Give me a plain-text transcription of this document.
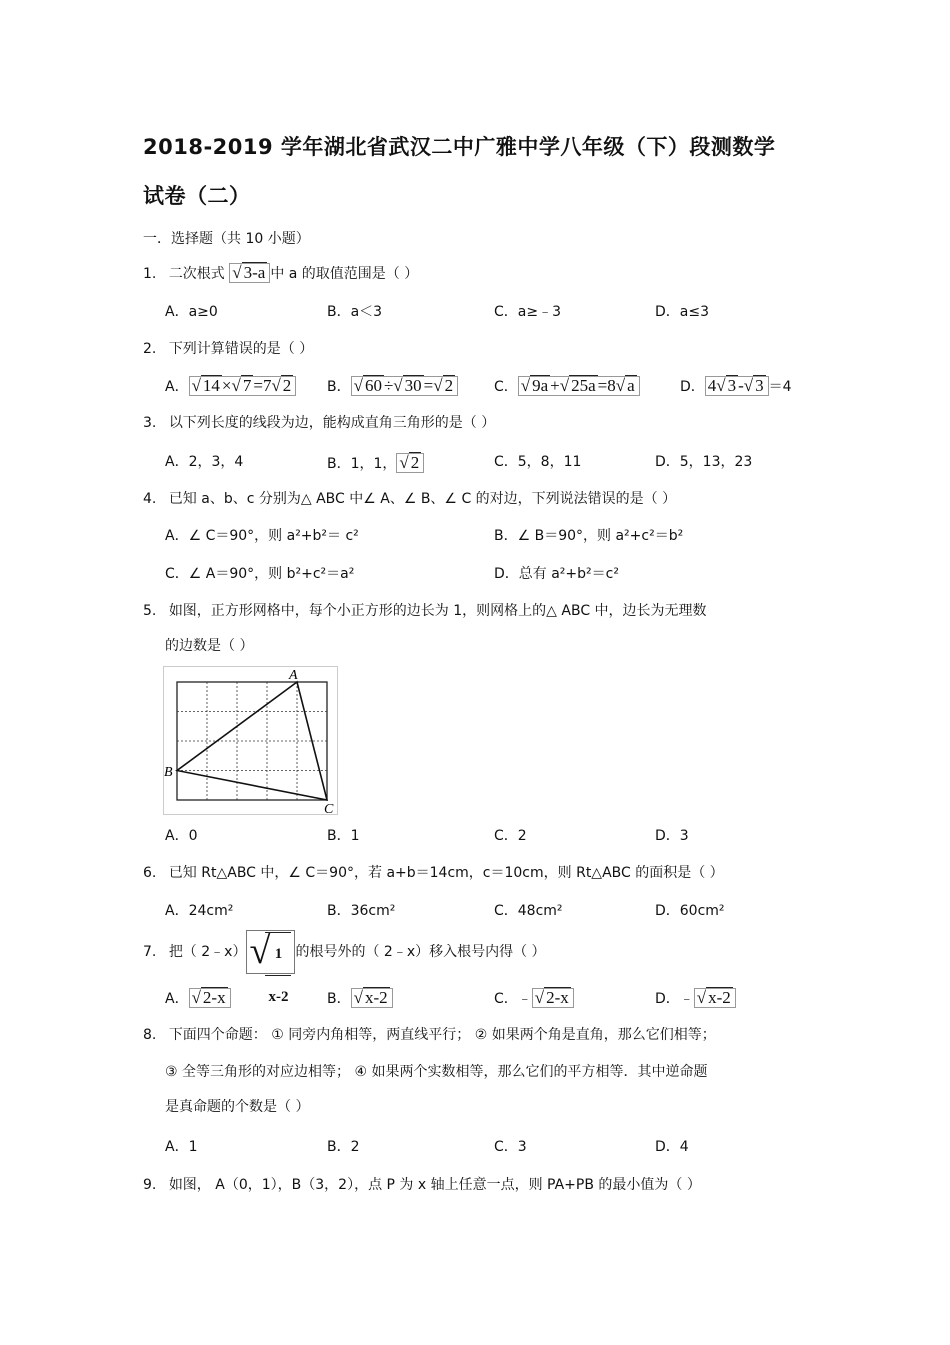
2018-2019 学年湖北省武汉二中广雅中学八年级（下）段测数学
试卷（二）
一．选择题（共 10 小题）
1. 二次根式 √ 3-a 中 a 的取值范围是（ ）
A．a≥0	B．a＜3	C．a≥﹣3	D．a≤3
2. 下列计算错误的是（ ）
A． √ 14 ×√ 7 =7√ 2	B． √ 60 ÷√ 30 =√ 2	C． √ 9a +√ 25a =8√ a	D． 4√ 3 -√ 3 ＝4
3. 以下列长度的线段为边，能构成直角三角形的是（ ）
A．2，3，4	B．1，1， √ 2	C．5，8，11	D．5，13，23
4. 已知 a、b、c 分别为△ ABC 中∠ A、∠ B、∠ C 的对边，下列说法错误的是（ ）
A．∠ C＝90°，则 a²+b²＝ c²	B．∠ B＝90°，则 a²+c²＝b²
C．∠ A＝90°，则 b²+c²＝a²	D．总有 a²+b²＝c²
5. 如图，正方形网格中，每个小正方形的边长为 1，则网格上的△ ABC 中，边长为无理数
的边数是（ ）
A
B
C
A．0	B．1	C．2	D．3
6. 已知 Rt△ABC 中，∠ C＝90°，若 a+b＝14cm，c＝10cm，则 Rt△ABC 的面积是（ ）
A．24cm²	B．36cm²	C．48cm²	D．60cm²
7. 把（ 2﹣x） √
$\frac{1}{x-2}$ 的根号外的（ 2﹣x）移入根号内得（ ）
A． √ 2-x	B． √ x-2	C．﹣ √ 2-x	D．﹣ √ x-2
8. 下面四个命题： ① 同旁内角相等，两直线平行； ② 如果两个角是直角，那么它们相等；
③ 全等三角形的对应边相等； ④ 如果两个实数相等，那么它们的平方相等．其中逆命题
是真命题的个数是（ ）
A．1	B．2	C．3	D．4
9. 如图， A（0，1），B（3，2），点 P 为 x 轴上任意一点，则 PA+PB 的最小值为（ ）
